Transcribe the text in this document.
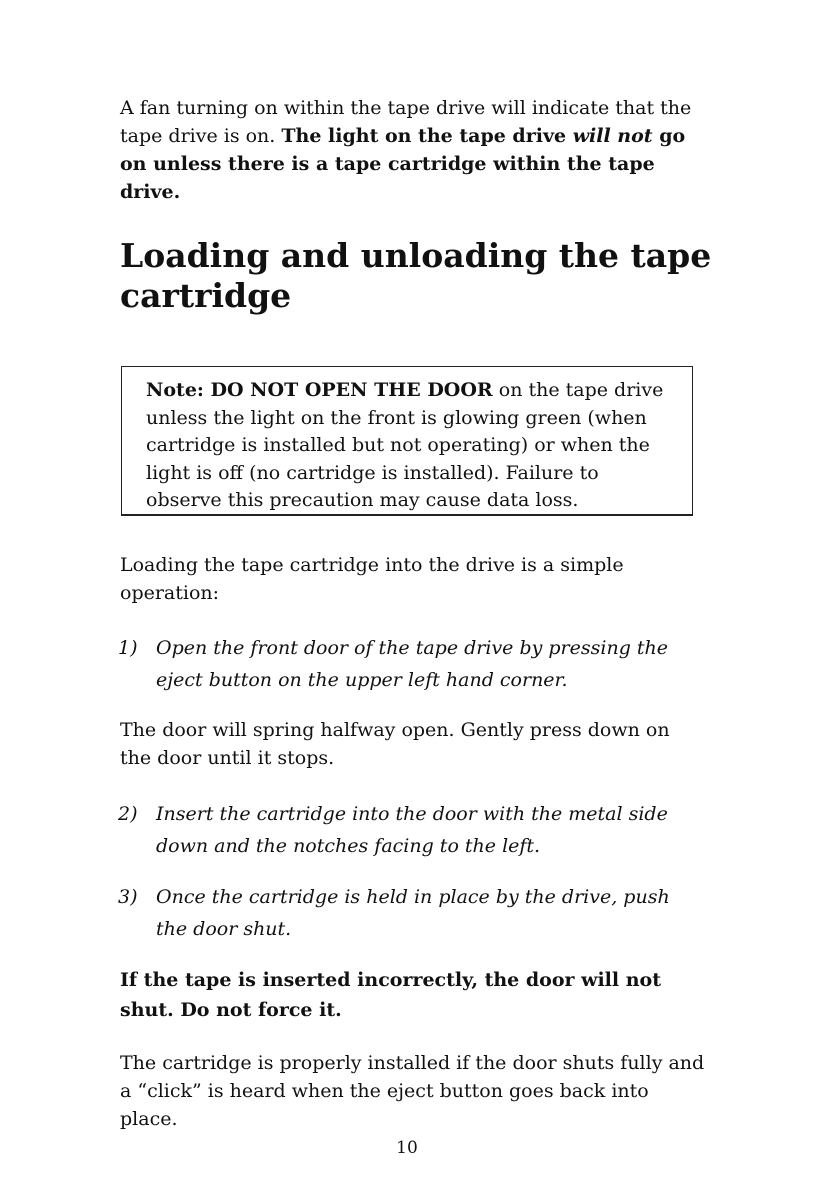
A fan turning on within the tape drive will indicate that the tape drive is on. The light on the tape drive will not go on unless there is a tape cartridge within the tape drive.

Loading and unloading the tape cartridge

Note: DO NOT OPEN THE DOOR on the tape drive unless the light on the front is glowing green (when cartridge is installed but not operating) or when the light is off (no cartridge is installed). Failure to observe this precaution may cause data loss.

Loading the tape cartridge into the drive is a simple operation:

1) Open the front door of the tape drive by pressing the eject button on the upper left hand corner.

The door will spring halfway open. Gently press down on the door until it stops.

2) Insert the cartridge into the door with the metal side down and the notches facing to the left.
3) Once the cartridge is held in place by the drive, push the door shut.

If the tape is inserted incorrectly, the door will not shut. Do not force it.

The cartridge is properly installed if the door shuts fully and a “click” is heard when the eject button goes back into place.

10
